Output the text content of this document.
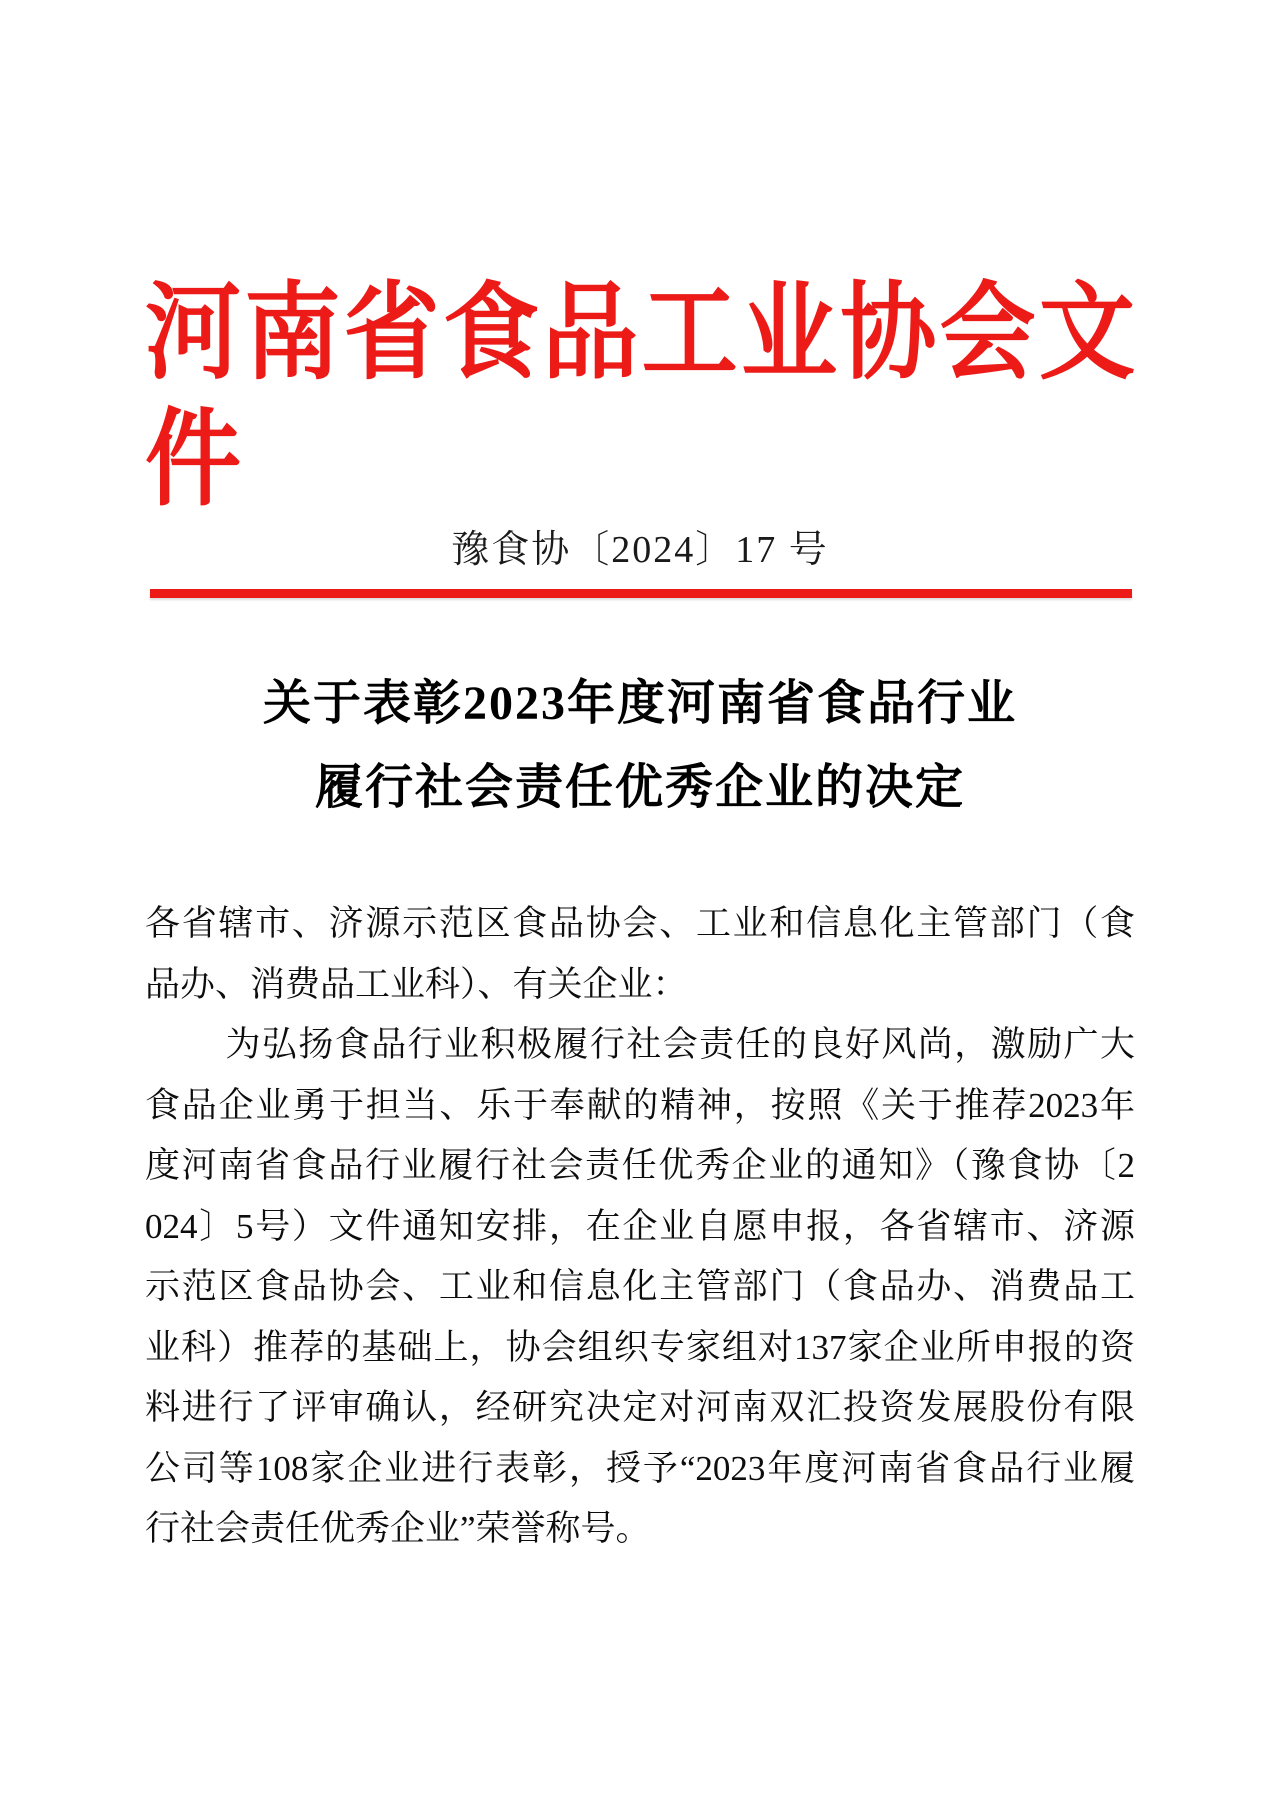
河南省食品工业协会文件
豫食协〔2024〕17 号
关于表彰2023年度河南省食品行业
履行社会责任优秀企业的决定
各省辖市、济源示范区食品协会、工业和信息化主管部门（食
品办、消费品工业科）、有关企业：
为弘扬食品行业积极履行社会责任的良好风尚，激励广大
食品企业勇于担当、乐于奉献的精神，按照《关于推荐2023年
度河南省食品行业履行社会责任优秀企业的通知》（豫食协〔2
024〕5号）文件通知安排，在企业自愿申报，各省辖市、济源
示范区食品协会、工业和信息化主管部门（食品办、消费品工
业科）推荐的基础上，协会组织专家组对137家企业所申报的资
料进行了评审确认，经研究决定对河南双汇投资发展股份有限
公司等108家企业进行表彰，授予“2023年度河南省食品行业履
行社会责任优秀企业”荣誉称号。
